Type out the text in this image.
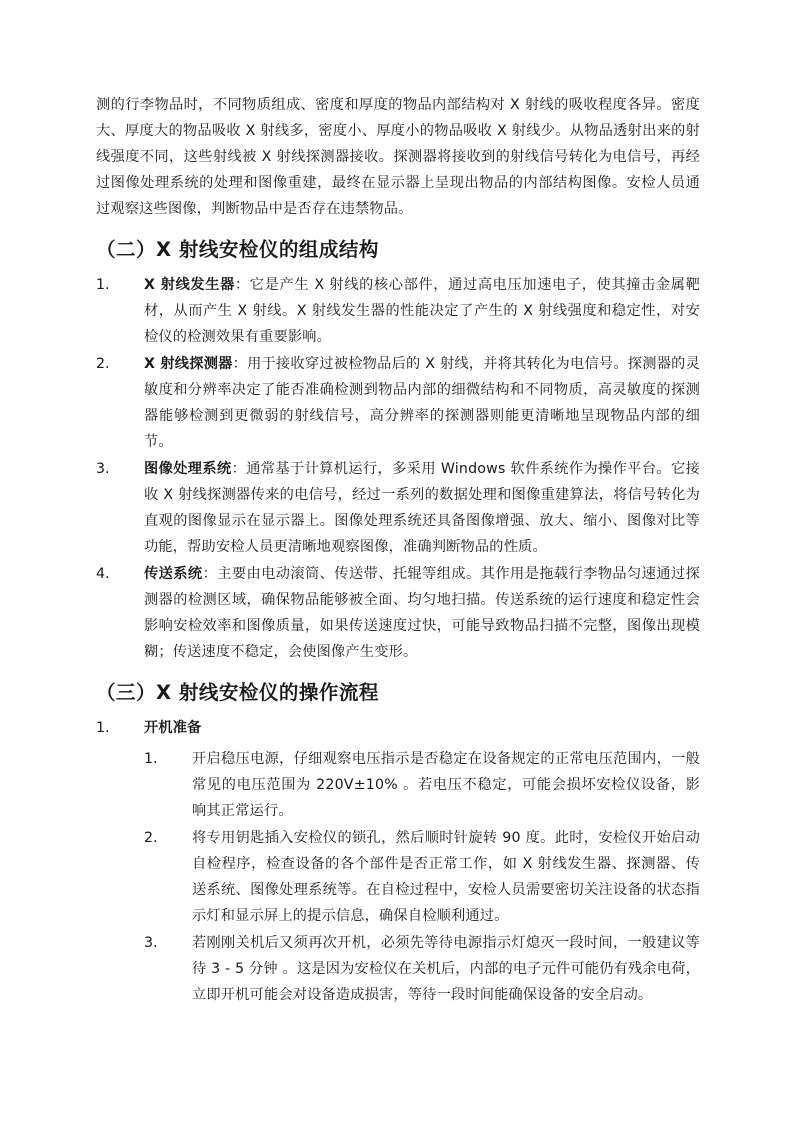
测的行李物品时，不同物质组成、密度和厚度的物品内部结构对 X 射线的吸收程度各异。密度大、厚度大的物品吸收 X 射线多，密度小、厚度小的物品吸收 X 射线少。从物品透射出来的射线强度不同，这些射线被 X 射线探测器接收。探测器将接收到的射线信号转化为电信号，再经过图像处理系统的处理和图像重建，最终在显示器上呈现出物品的内部结构图像。安检人员通过观察这些图像，判断物品中是否存在违禁物品。

（二）X 射线安检仪的组成结构
1. X 射线发生器：它是产生 X 射线的核心部件，通过高电压加速电子，使其撞击金属靶材，从而产生 X 射线。X 射线发生器的性能决定了产生的 X 射线强度和稳定性，对安检仪的检测效果有重要影响。

2. X 射线探测器：用于接收穿过被检物品后的 X 射线，并将其转化为电信号。探测器的灵敏度和分辨率决定了能否准确检测到物品内部的细微结构和不同物质，高灵敏度的探测器能够检测到更微弱的射线信号，高分辨率的探测器则能更清晰地呈现物品内部的细节。

3. 图像处理系统：通常基于计算机运行，多采用 Windows 软件系统作为操作平台。它接收 X 射线探测器传来的电信号，经过一系列的数据处理和图像重建算法，将信号转化为直观的图像显示在显示器上。图像处理系统还具备图像增强、放大、缩小、图像对比等功能，帮助安检人员更清晰地观察图像，准确判断物品的性质。

4. 传送系统：主要由电动滚筒、传送带、托辊等组成。其作用是拖载行李物品匀速通过探测器的检测区域，确保物品能够被全面、均匀地扫描。传送系统的运行速度和稳定性会影响安检效率和图像质量，如果传送速度过快，可能导致物品扫描不完整，图像出现模糊；传送速度不稳定，会使图像产生变形。

（三）X 射线安检仪的操作流程
1. 开机准备
1. 开启稳压电源，仔细观察电压指示是否稳定在设备规定的正常电压范围内，一般常见的电压范围为 220V±10% 。若电压不稳定，可能会损坏安检仪设备，影响其正常运行。

2. 将专用钥匙插入安检仪的锁孔，然后顺时针旋转 90 度。此时，安检仪开始启动自检程序，检查设备的各个部件是否正常工作，如 X 射线发生器、探测器、传送系统、图像处理系统等。在自检过程中，安检人员需要密切关注设备的状态指示灯和显示屏上的提示信息，确保自检顺利通过。

3. 若刚刚关机后又须再次开机，必须先等待电源指示灯熄灭一段时间，一般建议等待 3 - 5 分钟 。这是因为安检仪在关机后，内部的电子元件可能仍有残余电荷，立即开机可能会对设备造成损害，等待一段时间能确保设备的安全启动。
